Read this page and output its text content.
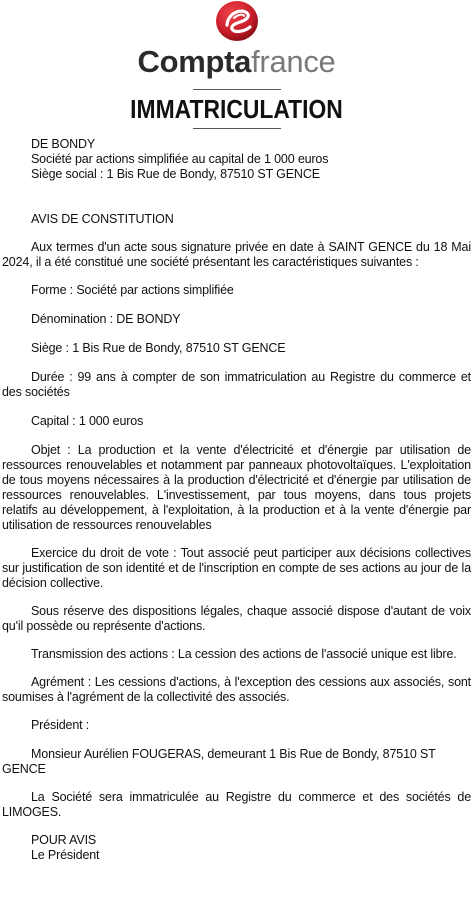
Comptafrance
IMMATRICULATION

DE BONDY

Société par actions simplifiée au capital de 1 000 euros

Siège social : 1 Bis Rue de Bondy, 87510 ST GENCE

AVIS DE CONSTITUTION

Aux termes d'un acte sous signature privée en date à SAINT GENCE du 18 Mai 2024, il a été constitué une société présentant les caractéristiques suivantes :

Forme : Société par actions simplifiée

Dénomination : DE BONDY

Siège : 1 Bis Rue de Bondy, 87510 ST GENCE

Durée : 99 ans à compter de son immatriculation au Registre du commerce et des sociétés

Capital : 1 000 euros

Objet : La production et la vente d'électricité et d'énergie par utilisation de ressources renouvelables et notamment par panneaux photovoltaïques. L'exploitation de tous moyens nécessaires à la production d'électricité et d'énergie par utilisation de ressources renouvelables. L'investissement, par tous moyens, dans tous projets relatifs au développement, à l'exploitation, à la production et à la vente d'énergie par utilisation de ressources renouvelables

Exercice du droit de vote : Tout associé peut participer aux décisions collectives sur justification de son identité et de l'inscription en compte de ses actions au jour de la décision collective.

Sous réserve des dispositions légales, chaque associé dispose d'autant de voix qu'il possède ou représente d'actions.

Transmission des actions : La cession des actions de l'associé unique est libre.

Agrément : Les cessions d'actions, à l'exception des cessions aux associés, sont soumises à l'agrément de la collectivité des associés.

Président :

Monsieur Aurélien FOUGERAS, demeurant 1 Bis Rue de Bondy, 87510 ST GENCE

La Société sera immatriculée au Registre du commerce et des sociétés de LIMOGES.

POUR AVIS

Le Président
